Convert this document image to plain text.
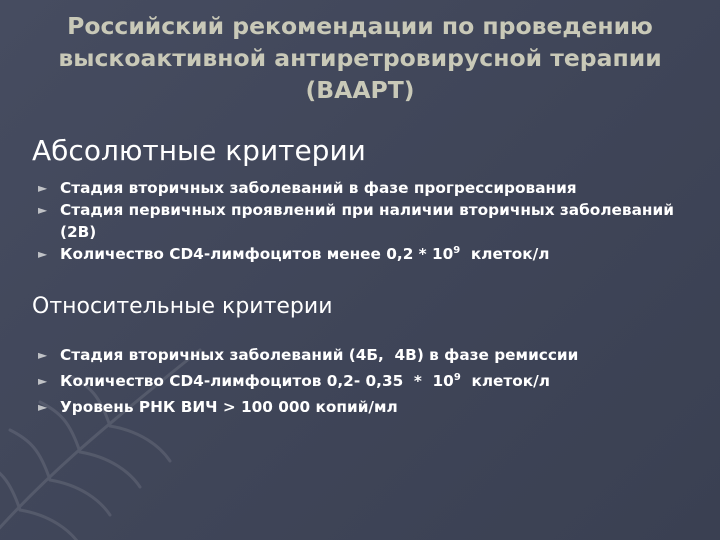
Российский рекомендации по проведению
выскоактивной антиретровирусной терапии
(ВААРТ)
Абсолютные критерии
► Стадия вторичных заболеваний в фазе прогрессирования
► Стадия первичных проявлений при наличии вторичных заболеваний (2В)
► Количество CD4-лимфоцитов менее $0,2 * 10^9$  клеток/л
Относительные критерии
► Стадия вторичных заболеваний (4Б,  4В) в фазе ремиссии
► Количество CD4-лимфоцитов 0,2- $0,35 * 10^9$  клеток/л
► Уровень РНК ВИЧ > 100 000 копий/мл
